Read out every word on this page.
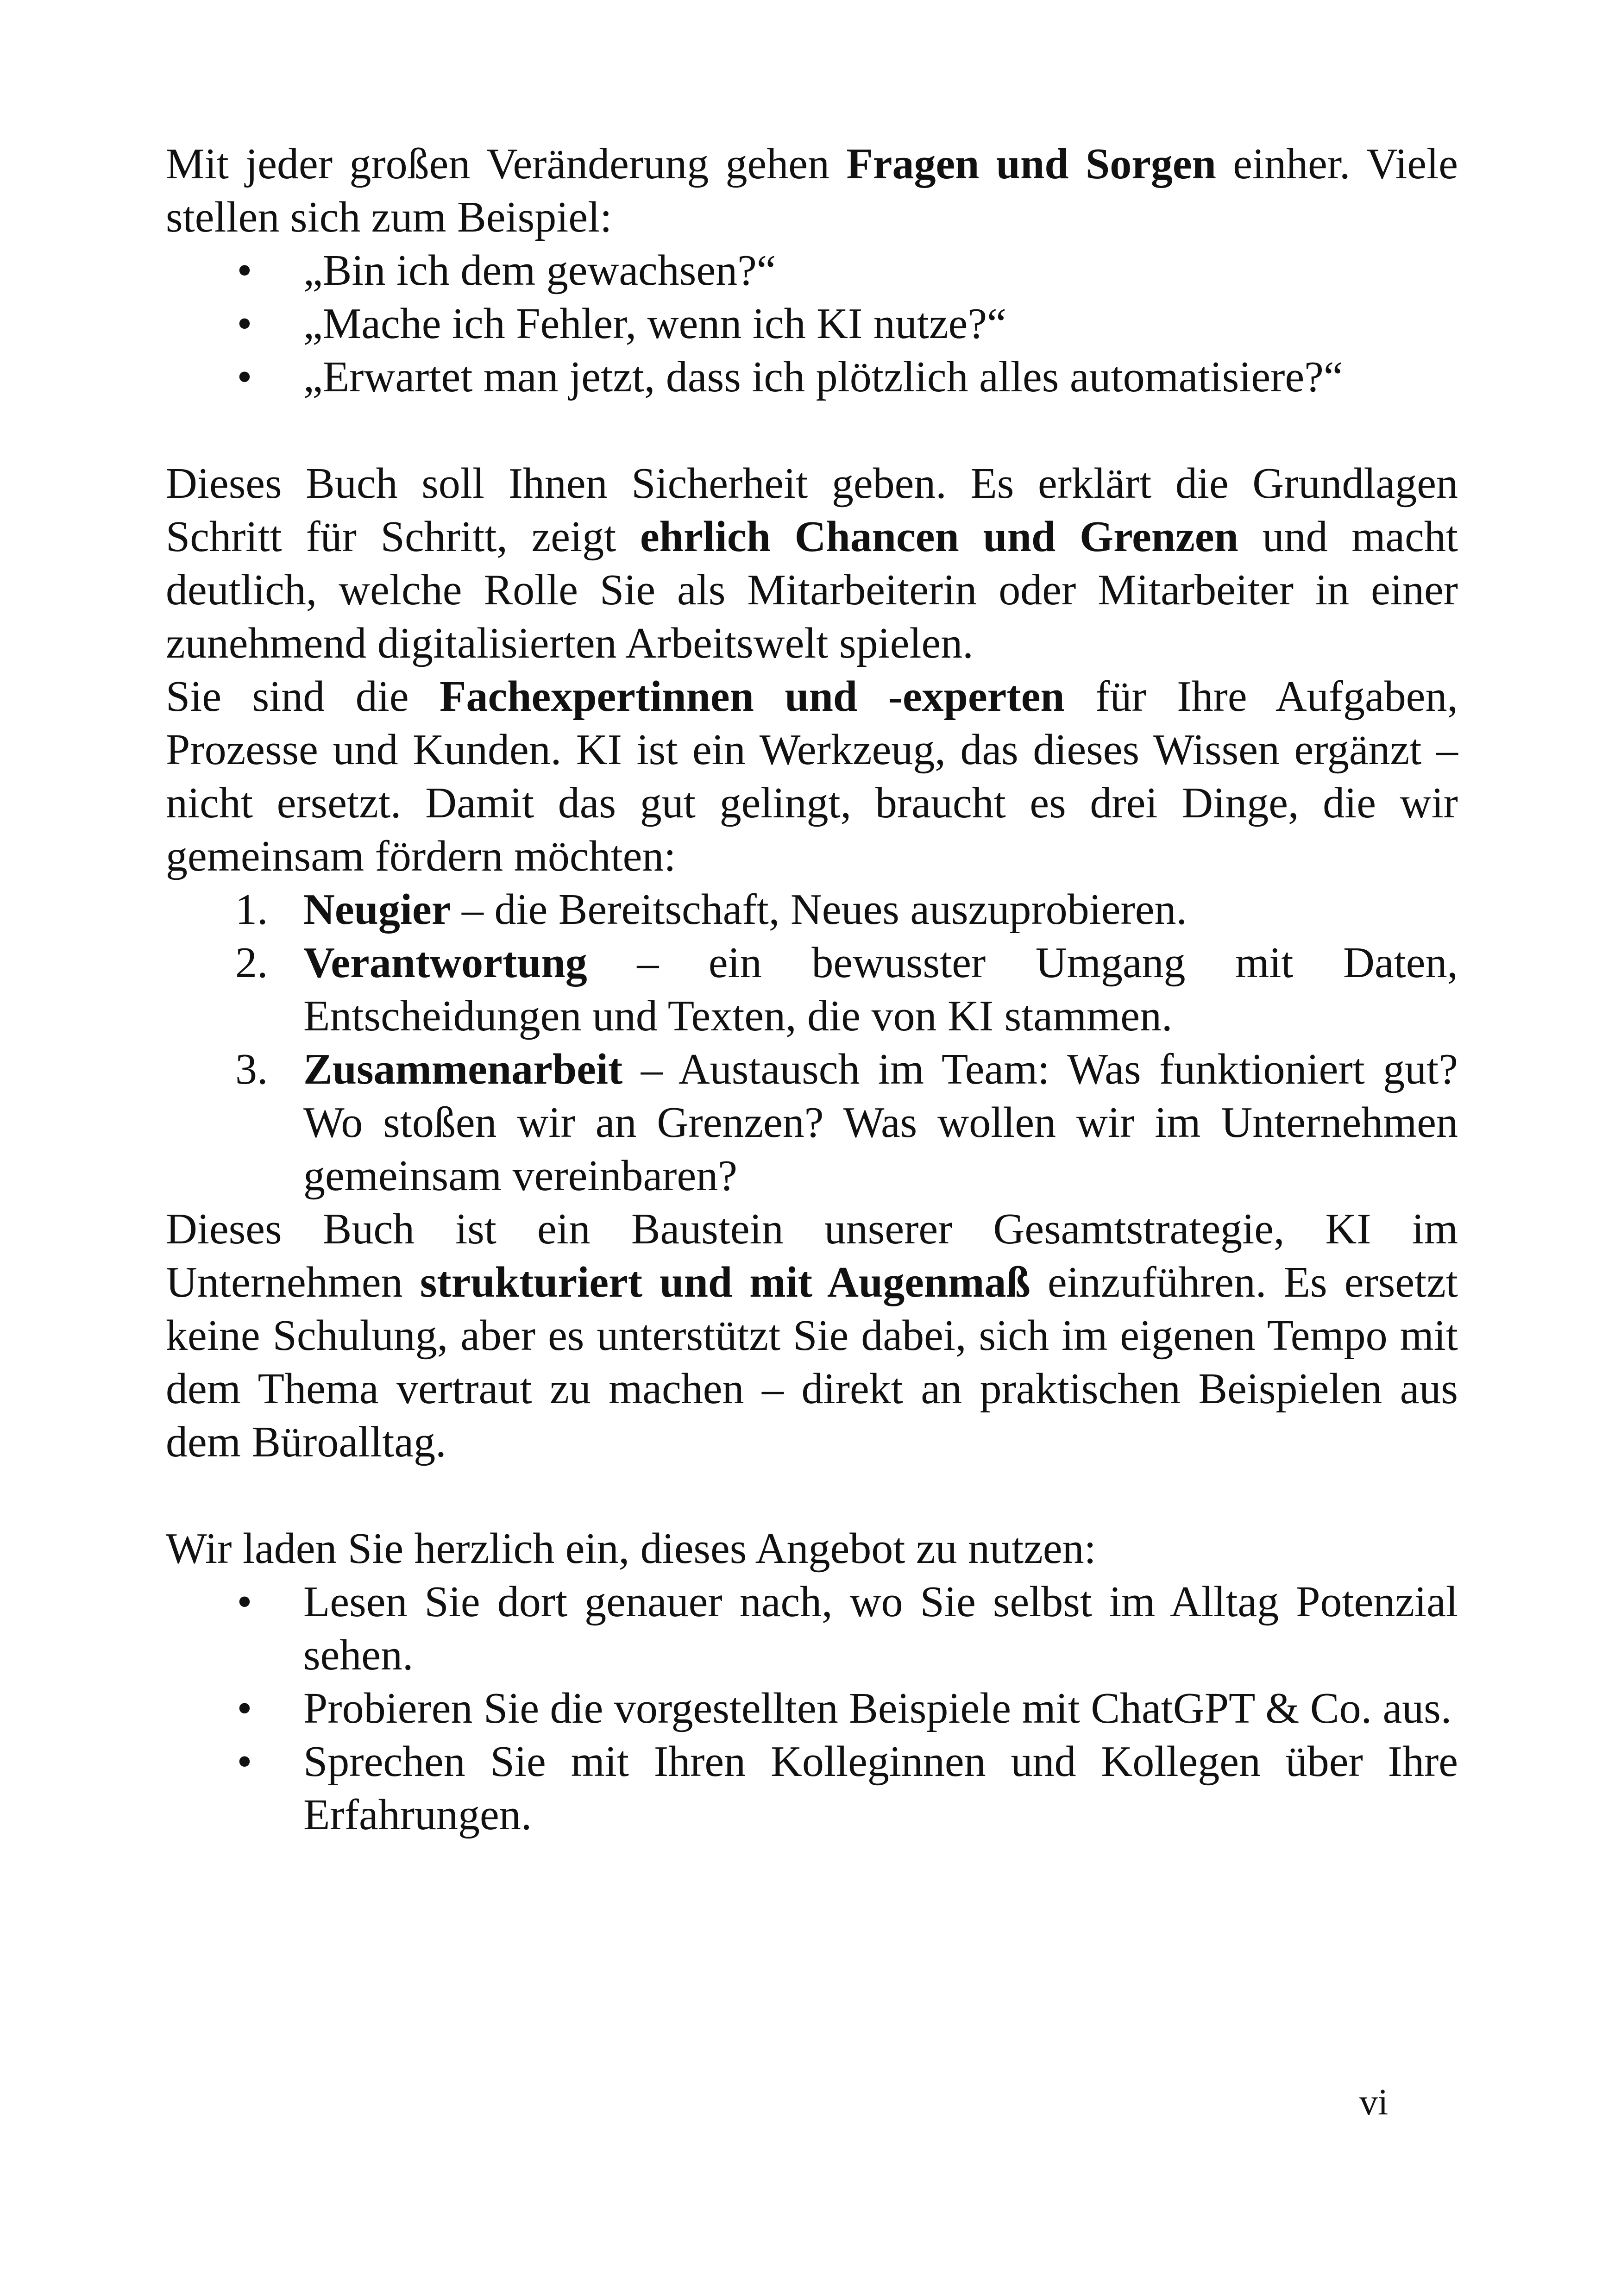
Mit jeder großen Veränderung gehen Fragen und Sorgen einher. Viele stellen sich zum Beispiel:

• „Bin ich dem gewachsen?“
• „Mache ich Fehler, wenn ich KI nutze?“
• „Erwartet man jetzt, dass ich plötzlich alles automatisiere?“

Dieses Buch soll Ihnen Sicherheit geben. Es erklärt die Grundlagen Schritt für Schritt, zeigt ehrlich Chancen und Grenzen und macht deutlich, welche Rolle Sie als Mitarbeiterin oder Mitarbeiter in einer zunehmend digitalisierten Arbeitswelt spielen.

Sie sind die Fachexpertinnen und -experten für Ihre Aufgaben, Prozesse und Kunden. KI ist ein Werkzeug, das dieses Wissen ergänzt – nicht ersetzt. Damit das gut gelingt, braucht es drei Dinge, die wir gemeinsam fördern möchten:

1. Neugier – die Bereitschaft, Neues auszuprobieren.
2. Verantwortung – ein bewusster Umgang mit Daten, Entscheidungen und Texten, die von KI stammen.
3. Zusammenarbeit – Austausch im Team: Was funktioniert gut? Wo stoßen wir an Grenzen? Was wollen wir im Unternehmen gemeinsam vereinbaren?

Dieses Buch ist ein Baustein unserer Gesamtstrategie, KI im Unternehmen strukturiert und mit Augenmaß einzuführen. Es ersetzt keine Schulung, aber es unterstützt Sie dabei, sich im eigenen Tempo mit dem Thema vertraut zu machen – direkt an praktischen Beispielen aus dem Büroalltag.

Wir laden Sie herzlich ein, dieses Angebot zu nutzen:

• Lesen Sie dort genauer nach, wo Sie selbst im Alltag Potenzial sehen.
• Probieren Sie die vorgestellten Beispiele mit ChatGPT & Co. aus.
• Sprechen Sie mit Ihren Kolleginnen und Kollegen über Ihre Erfahrungen.
vi
